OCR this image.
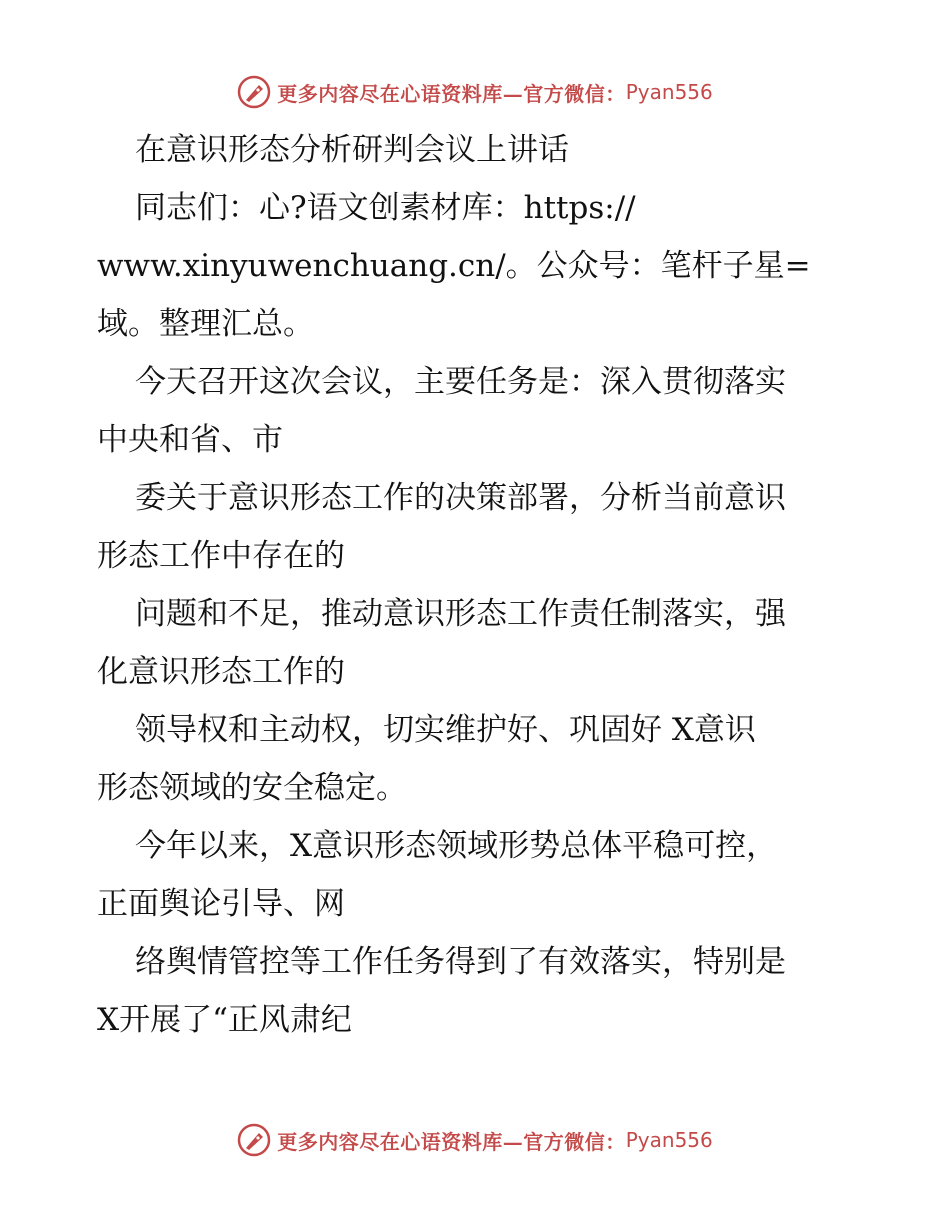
更多内容尽在心语资料库—官方微信： Pyan556
在意识形态分析研判会议上讲话
同志们：心?语文创素材库：https://
www.xinyuwenchuang.cn/。公众号：笔杆子星=
域。整理汇总。
今天召开这次会议，主要任务是：深入贯彻落实
中央和省、市
委关于意识形态工作的决策部署，分析当前意识
形态工作中存在的
问题和不足，推动意识形态工作责任制落实，强
化意识形态工作的
领导权和主动权，切实维护好、巩固好 X意识
形态领域的安全稳定。
今年以来，X意识形态领域形势总体平稳可控，
正面舆论引导、网
络舆情管控等工作任务得到了有效落实，特别是
X开展了“正风肃纪
更多内容尽在心语资料库—官方微信： Pyan556
